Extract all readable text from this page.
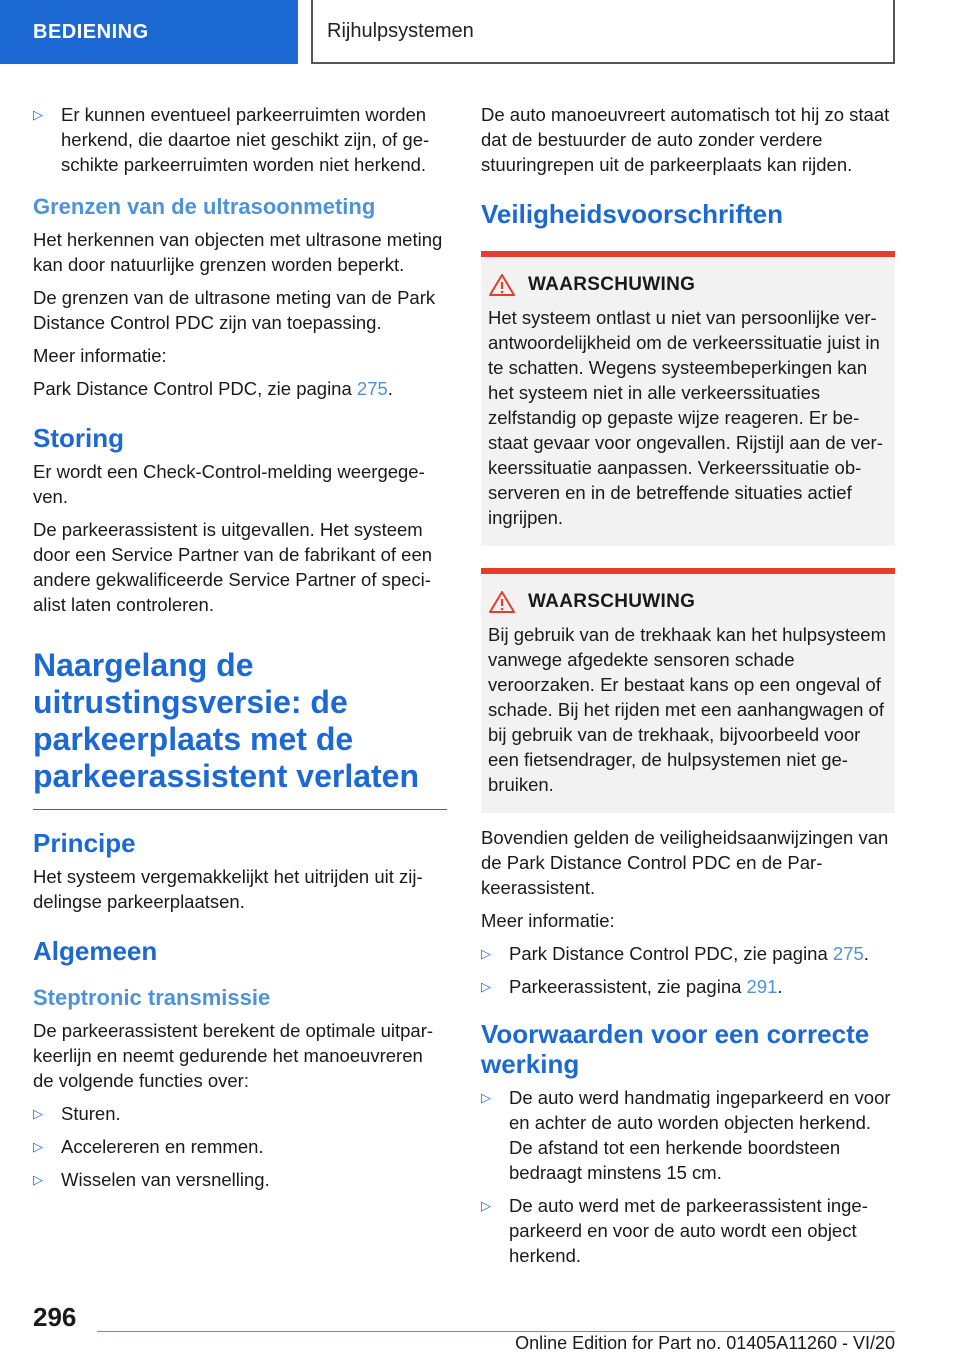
BEDIENING	Rijhulpsystemen
▷ Er kunnen eventueel parkeerruimten worden herkend, die daartoe niet geschikt zijn, of geschikte parkeerruimten worden niet herkend.
Grenzen van de ultrasoonmeting

Het herkennen van objecten met ultrasone meting kan door natuurlijke grenzen worden beperkt.

De grenzen van de ultrasone meting van de Park Distance Control PDC zijn van toepassing.

Meer informatie:

Park Distance Control PDC, zie pagina 275.

Storing

Er wordt een Check-Control-melding weergegeven.

De parkeerassistent is uitgevallen. Het systeem door een Service Partner van de fabrikant of een andere gekwalificeerde Service Partner of specialist laten controleren.

Naargelang de uitrustingsversie: de parkeerplaats met de parkeerassistent verlaten
Principe

Het systeem vergemakkelijkt het uitrijden uit zijdelingse parkeerplaatsen.

Algemeen
Steptronic transmissie

De parkeerassistent berekent de optimale uitparkeerlijn en neemt gedurende het manoeuvreren de volgende functies over:

▷ Sturen.
▷ Accelereren en remmen.
▷ Wisselen van versnelling.

De auto manoeuvreert automatisch tot hij zo staat dat de bestuurder de auto zonder verdere stuuringrepen uit de parkeerplaats kan rijden.

Veiligheidsvoorschriften
WAARSCHUWING

Het systeem ontlast u niet van persoonlijke verantwoordelijkheid om de verkeerssituatie juist in te schatten. Wegens systeembeperkingen kan het systeem niet in alle verkeerssituaties zelfstandig op gepaste wijze reageren. Er bestaat gevaar voor ongevallen. Rijstijl aan de verkeerssituatie aanpassen. Verkeerssituatie observeren en in de betreffende situaties actief ingrijpen.

WAARSCHUWING

Bij gebruik van de trekhaak kan het hulpsysteem vanwege afgedekte sensoren schade veroorzaken. Er bestaat kans op een ongeval of schade. Bij het rijden met een aanhangwagen of bij gebruik van de trekhaak, bijvoorbeeld voor een fietsendrager, de hulpsystemen niet gebruiken.

Bovendien gelden de veiligheidsaanwijzingen van de Park Distance Control PDC en de Parkeerassistent.

Meer informatie:

▷ Park Distance Control PDC, zie pagina 275.
▷ Parkeerassistent, zie pagina 291.
Voorwaarden voor een correcte werking
▷ De auto werd handmatig ingeparkeerd en voor en achter de auto worden objecten herkend. De afstand tot een herkende boordsteen bedraagt minstens 15 cm.
▷ De auto werd met de parkeerassistent ingeparkeerd en voor de auto wordt een object herkend.
296
Online Edition for Part no. 01405A11260 - VI/20
